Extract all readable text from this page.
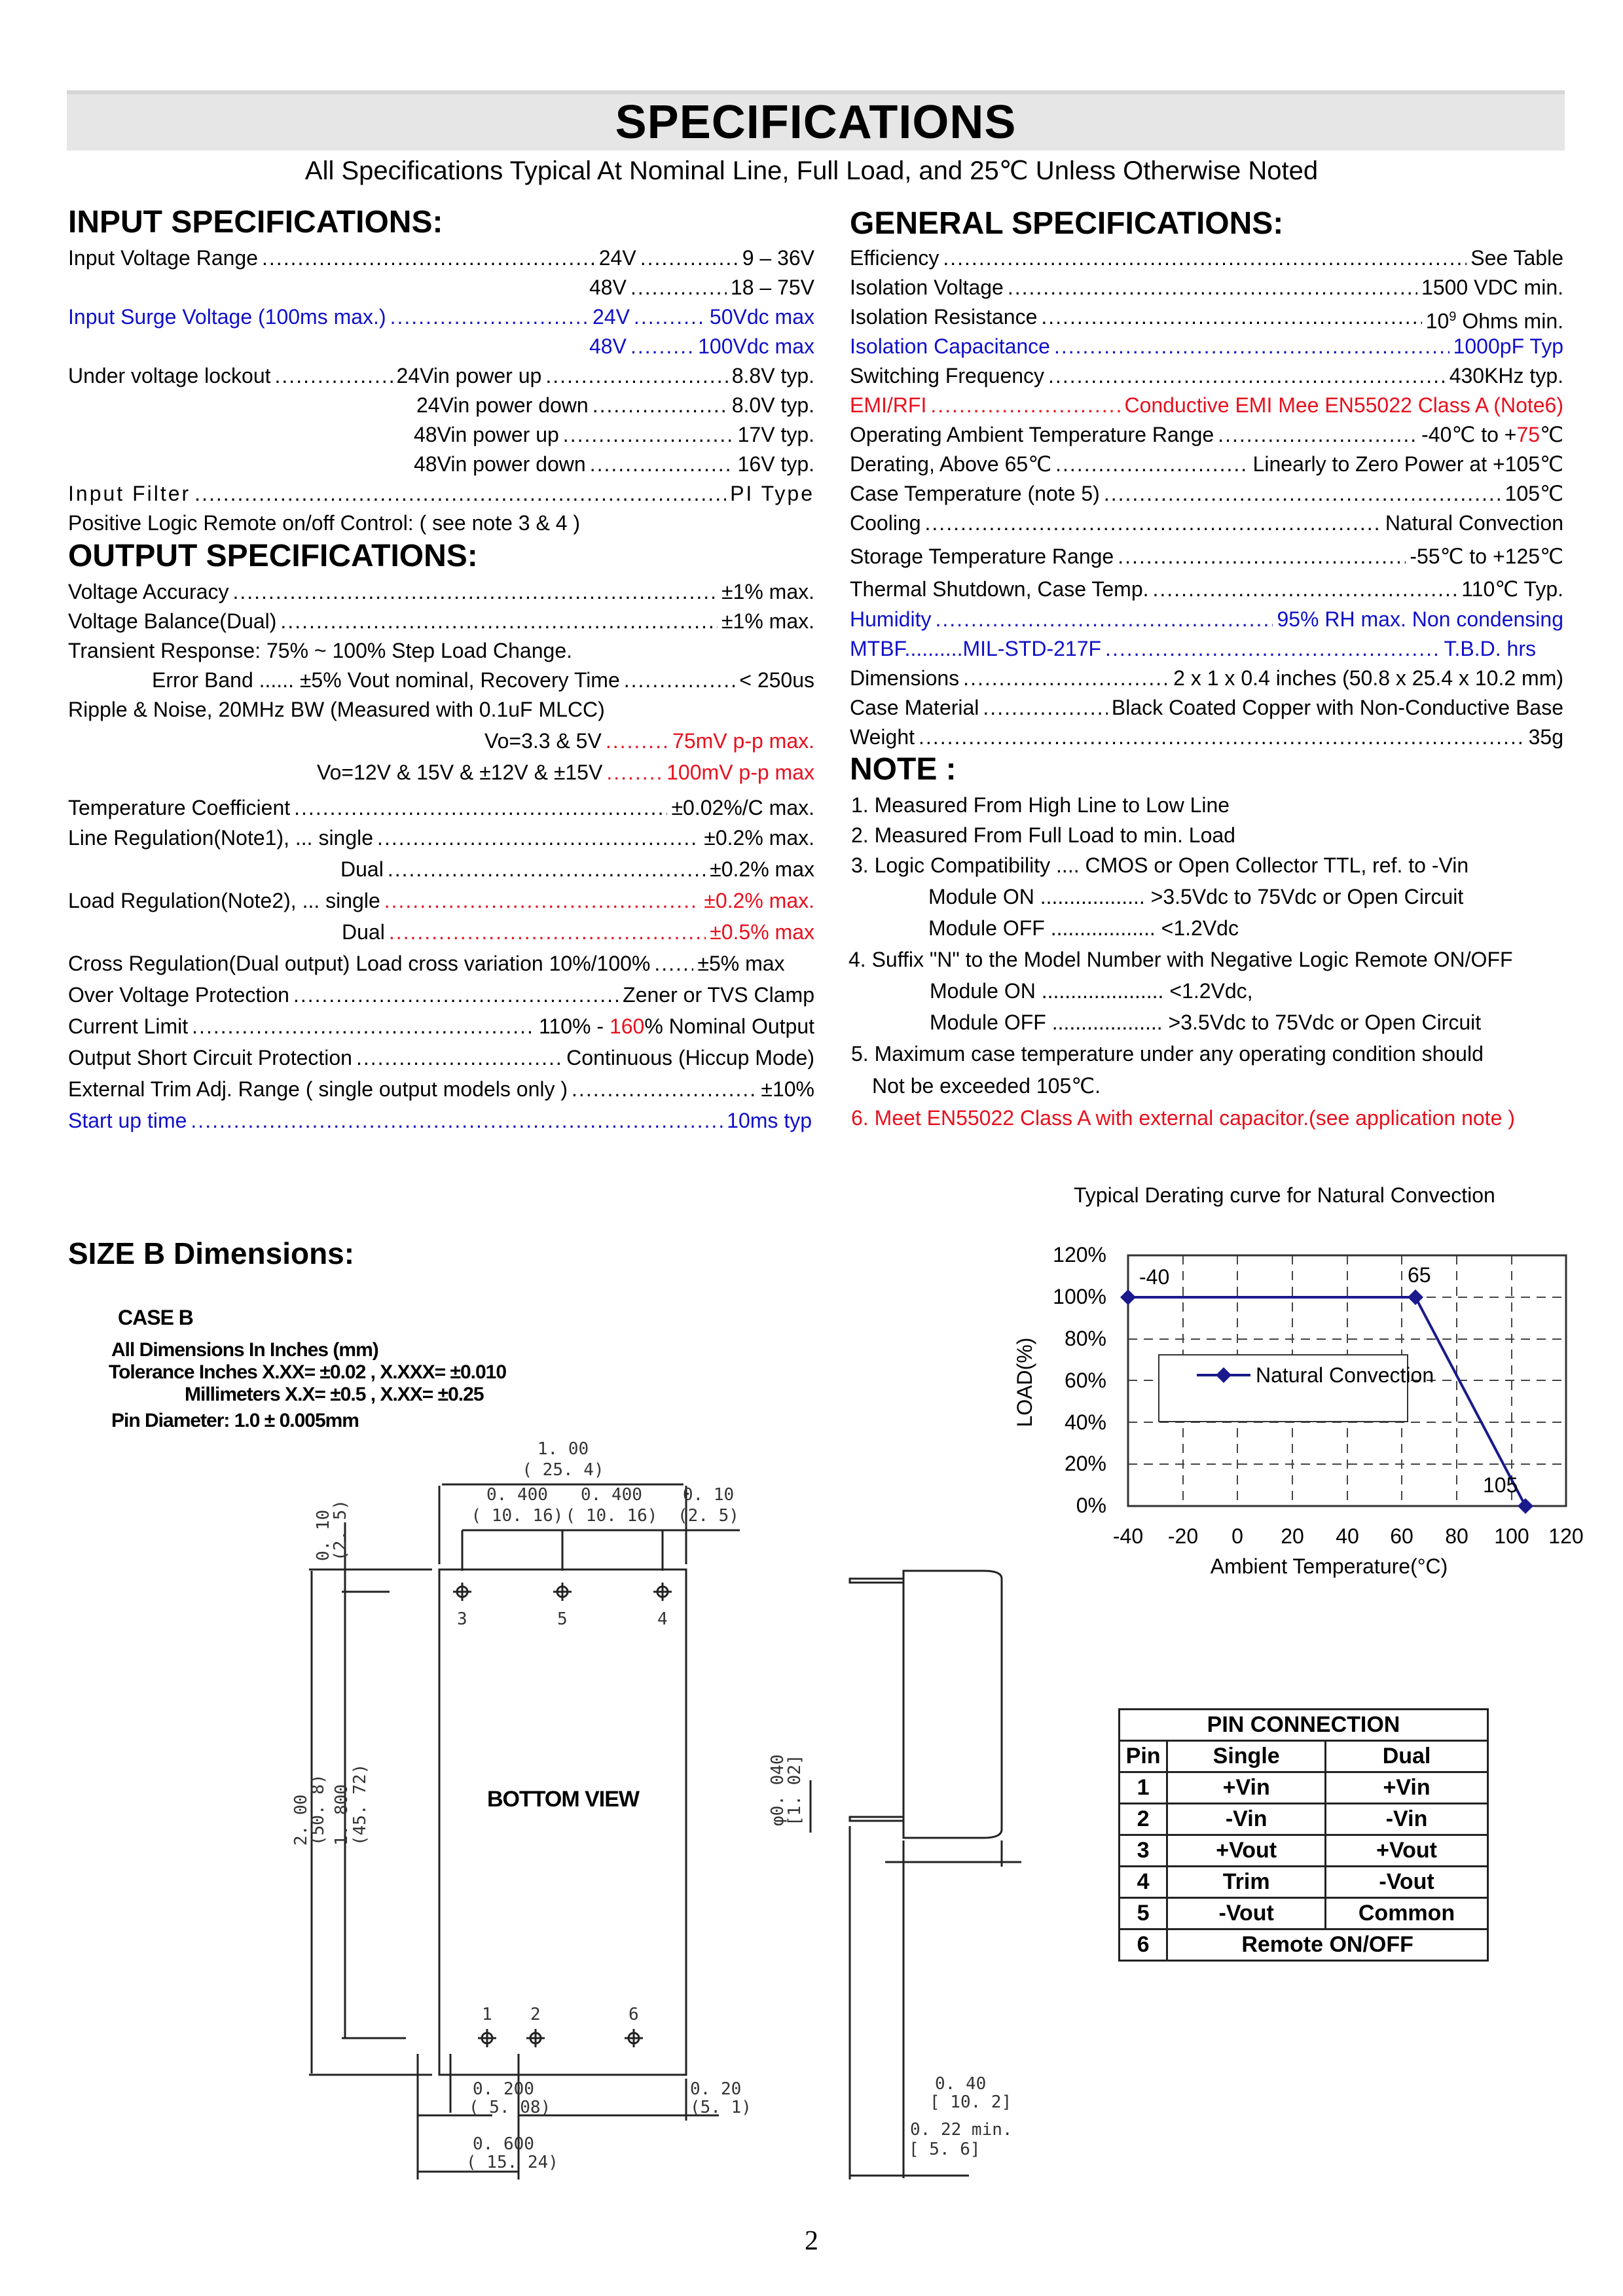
SPECIFICATIONS
All Specifications Typical At Nominal Line, Full Load, and 25℃ Unless Otherwise Noted
INPUT SPECIFICATIONS:
Input Voltage Range .....	24V .....	9 – 36V
48V .....	18 – 75V
Input Surge Voltage (100ms max.) .....	24V .....	50Vdc max
48V .....	100Vdc max
Under voltage lockout .....	24Vin power up .....	8.8V typ.
24Vin power down .....	8.0V typ.
48Vin power up .....	17V typ.
48Vin power down .....	16V typ.
Input Filter .....	PI Type
Positive Logic Remote on/off Control: ( see note 3 & 4 )
OUTPUT SPECIFICATIONS:
Voltage Accuracy .....	±1% max.
Voltage Balance(Dual) .....	±1% max.
Transient Response: 75% ~ 100% Step Load Change.
Error Band ...... ±5% Vout nominal, Recovery Time .....	< 250us
Ripple & Noise, 20MHz BW (Measured with 0.1uF MLCC)
Vo=3.3 & 5V .....	75mV p-p max.
Vo=12V & 15V & ±12V & ±15V .....	100mV p-p max
Temperature Coefficient .....	±0.02%/C max.
Line Regulation(Note1), ... single .....	±0.2% max.
Dual .....	±0.2% max
Load Regulation(Note2), ... single .....	±0.2% max.
Dual .....	±0.5% max
Cross Regulation(Dual output) Load cross variation 10%/100% ..... ±5% max
Over Voltage Protection .....	Zener or TVS Clamp
Current Limit .....	110% - 160% Nominal Output
Output Short Circuit Protection .....	Continuous (Hiccup Mode)
External Trim Adj. Range ( single output models only ) .....	±10%
Start up time .....	10ms typ
GENERAL SPECIFICATIONS:
Efficiency .....	See Table
Isolation Voltage .....	1500 VDC min.
Isolation Resistance .....	$10^9$ Ohms min.
Isolation Capacitance .....	1000pF Typ
Switching Frequency .....	430KHz typ.
EMI/RFI .....	Conductive EMI Mee EN55022 Class A (Note6)
Operating Ambient Temperature Range .....	-40℃ to +75℃
Derating, Above 65℃ .....	Linearly to Zero Power at +105℃
Case Temperature (note 5) .....	105℃
Cooling .....	Natural Convection
Storage Temperature Range .....	-55℃ to +125℃
Thermal Shutdown, Case Temp. .....	110℃ Typ.
Humidity .....	95% RH max. Non condensing
MTBF..........MIL-STD-217F .....	T.B.D. hrs
Dimensions .....	2 x 1 x 0.4 inches (50.8 x 25.4 x 10.2 mm)
Case Material .....	Black Coated Copper with Non-Conductive Base
Weight .....	35g
NOTE :
1. Measured From High Line to Low Line
2. Measured From Full Load to min. Load
3. Logic Compatibility .... CMOS or Open Collector TTL, ref. to -Vin
Module ON .................. >3.5Vdc to 75Vdc or Open Circuit
Module OFF .................. <1.2Vdc
4. Suffix "N" to the Model Number with Negative Logic Remote ON/OFF
Module ON ..................... <1.2Vdc,
Module OFF ................... >3.5Vdc to 75Vdc or Open Circuit
5. Maximum case temperature under any operating condition should
Not be exceeded 105℃.
6. Meet EN55022 Class A with external capacitor.(see application note )
SIZE B Dimensions:
CASE B
All Dimensions In Inches (mm)
Tolerance Inches X.XX= ±0.02 , X.XXX= ±0.010
Millimeters X.X= ±0.5 , X.XX= ±0.25
Pin Diameter: 1.0 ± 0.005mm
1. 00
( 25. 4)
0. 400
( 10. 16)
0. 400
( 10. 16)
0. 10
(2. 5)
0. 10
(2. 5)
2. 00
(50. 8) 1. 800
(45. 72)
0. 200
( 5. 08)
0. 600
( 15. 24)
0. 20
(5. 1)
0. 40
[ 10. 2]
0. 22 min.
[ 5. 6]
φ0. 040
[1. 02]
3	5	4
1 2	6
BOTTOM VIEW
Typical Derating curve for Natural Convection
Natural Convection
-40	65
105
0%
20%
40%
60%
80%
100%
120%
-40 -20 0 20 40 60 80 100 120
Ambient Temperature(°C)
LOAD(%)
PIN CONNECTION		
Pin	Single	Dual
1	+Vin	+Vin
2	-Vin	-Vin
3	+Vout	+Vout
4	Trim	-Vout
5	-Vout	Common
6	Remote ON/OFF	
2
